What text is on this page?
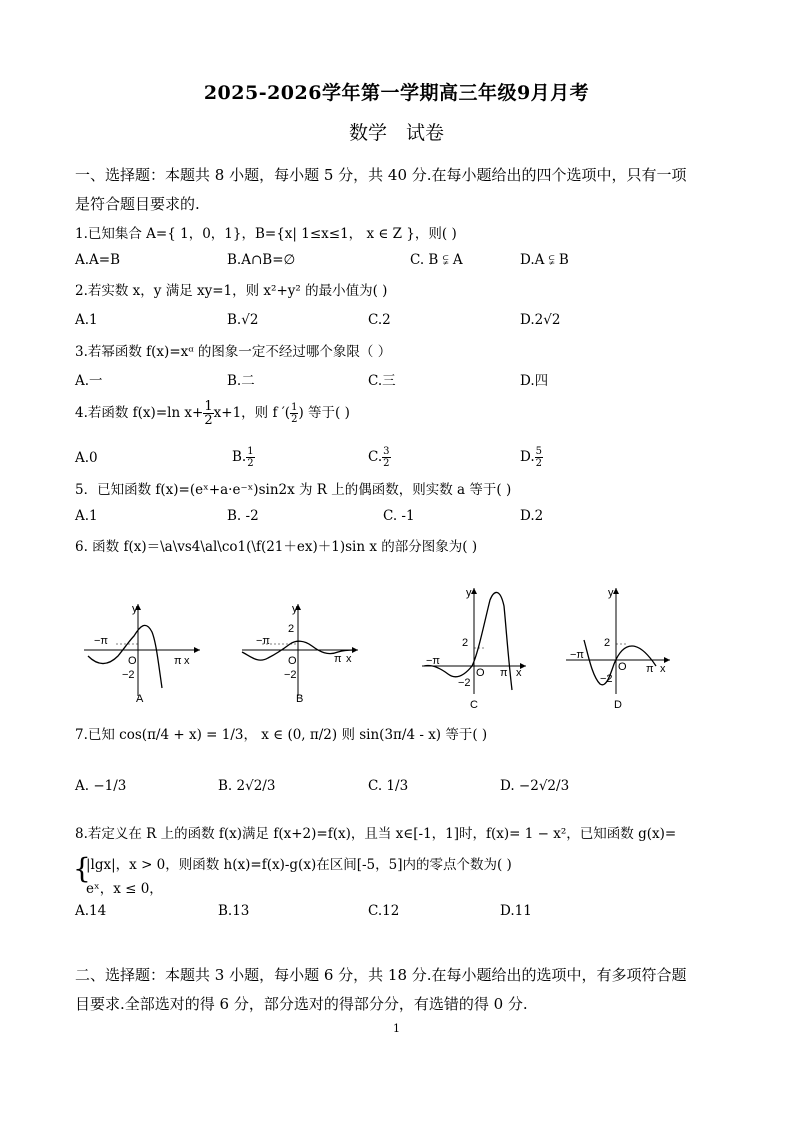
2025-2026学年第一学期高三年级9月月考
数学　试卷
一、选择题：本题共 8 小题，每小题 5 分，共 40 分.在每小题给出的四个选项中，只有一项
是符合题目要求的.
1.已知集合 A={ 1，0，1}，B={x| 1≤x≤1， x ∈ Z }，则( )
A.A=B	B.A∩B=∅	C. B ⫋ A	D.A ⫋ B
2.若实数 x，y 满足 xy=1，则 x²+y² 的最小值为( )
A.1	B.√2	C.2	D.2√2
3.若幂函数 f(x)=xᵅ 的图象一定不经过哪个象限（ ）
A.一	B.二	C.三	D.四
4.若函数 f(x)=ln $x+ \frac{1}{2} x+1$，则 f ′( $\frac{1}{2}$ ) 等于( )
A.0	B. $\frac{1}{2}$	C. $\frac{3}{2}$	D. $\frac{5}{2}$
5．已知函数 f(x)=(eˣ+a·e⁻ˣ)sin2x 为 R 上的偶函数，则实数 a 等于( )
A.1	B. -2	C. -1	D.2
6. 函数 f(x)＝\a\vs4\al\co1(\f(21＋ex)＋1)sin x 的部分图象为( )
y
−π
O	π x
−2
A
y
2
−π
O	π x
−2
B
y
2
−π
O π x
−2
C
y
2
−π
O π x
−2
D
7.已知 cos(π/4 + x) = 1/3， x ∈ (0, π/2) 则 sin(3π/4 - x) 等于( )
A. −1/3	B. 2√2/3	C. 1/3	D. −2√2/3
8.若定义在 R 上的函数 f(x)满足 f(x+2)=f(x)，且当 x∈[-1，1]时，f(x)= 1 − x²，已知函数 g(x)=
{
|lgx|，x > 0，则函数 h(x)=f(x)-g(x)在区间[-5，5]内的零点个数为( )
eˣ，x ≤ 0，
A.14	B.13	C.12	D.11
二、选择题：本题共 3 小题，每小题 6 分，共 18 分.在每小题给出的选项中，有多项符合题
目要求.全部选对的得 6 分，部分选对的得部分分，有选错的得 0 分.
1
